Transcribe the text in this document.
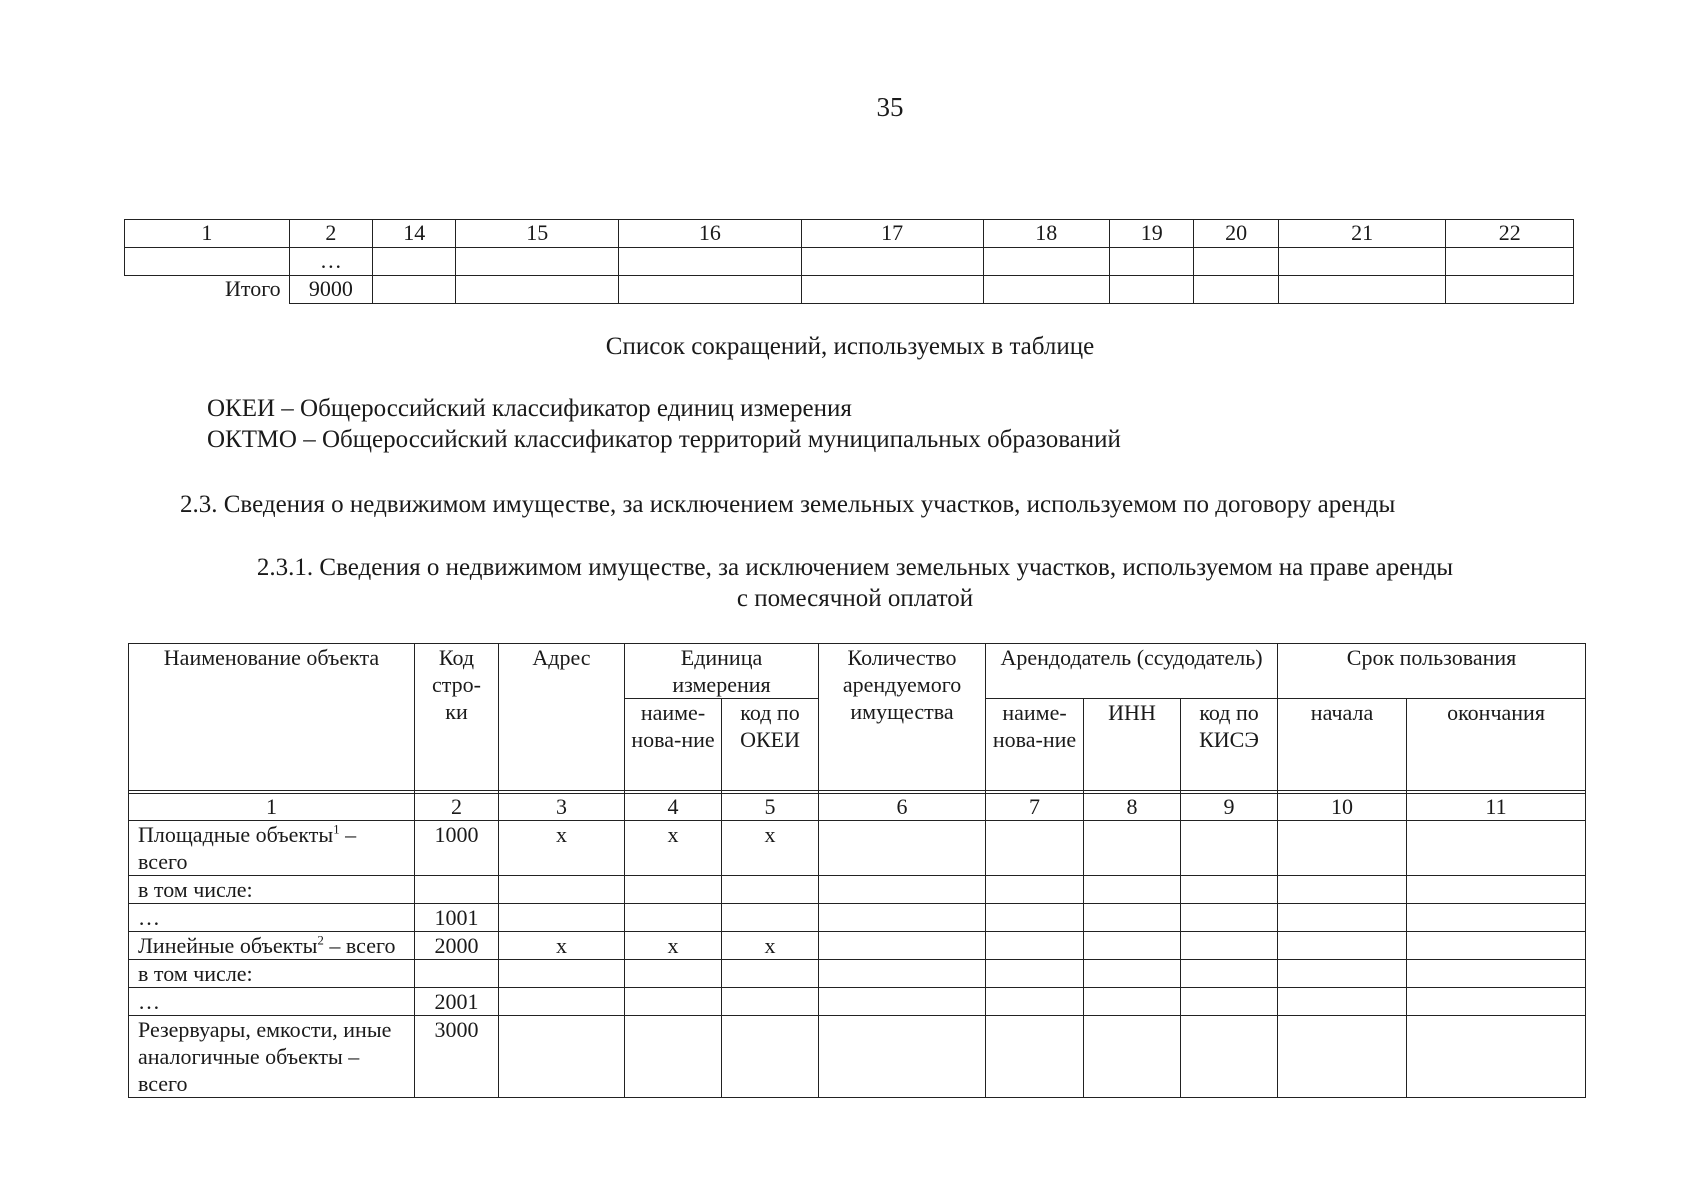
35
1	2	14	15	16	17	18	19	20	21	22
	…									
Итого	9000									
Список сокращений, используемых в таблице
ОКЕИ – Общероссийский классификатор единиц измерения
ОКТМО – Общероссийский классификатор территорий муниципальных образований
2.3. Сведения о недвижимом имуществе, за исключением земельных участков, используемом по договору аренды
2.3.1. Сведения о недвижимом имуществе, за исключением земельных участков, используемом на праве аренды
с помесячной оплатой
Наименование объекта	Код стро-ки	Адрес	Единица измерения		Количество арендуемого имущества	Арендодатель (ссудодатель)			Срок пользования	
			наиме-нова-ние	код по ОКЕИ		наиме-нова-ние	ИНН	код по КИСЭ	начала	окончания

1	2	3	4	5	6	7	8	9	10	11
Площадные объекты$^1$ – всего	1000	х	х	х						
в том числе:										
…	1001									
Линейные объекты$^2$ – всего	2000	х	х	х						
в том числе:										
…	2001									
Резервуары, емкости, иные аналогичные объекты – всего	3000									
